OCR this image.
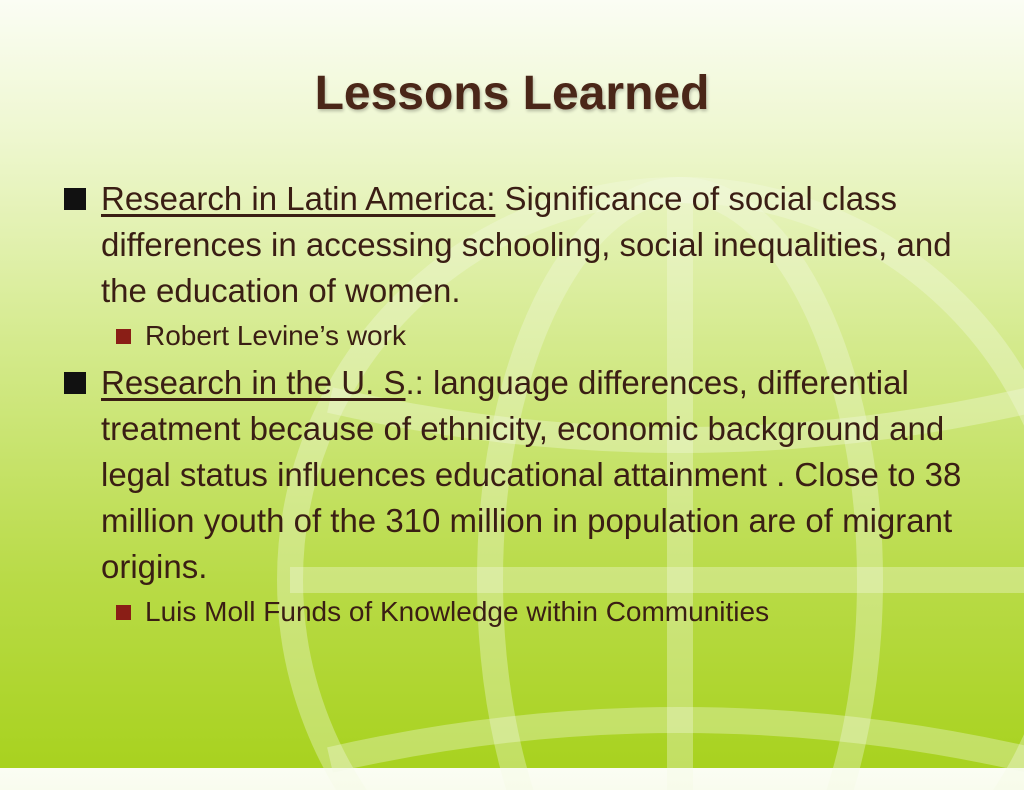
Lessons Learned
Research in Latin America: Significance of social class differences in accessing schooling, social inequalities, and the education of women.
Robert Levine’s work
Research in the U. S.: language differences, differential treatment because of ethnicity, economic background and legal status influences educational attainment . Close to 38 million youth of the 310 million in population are of migrant origins.
Luis Moll Funds of Knowledge within Communities
